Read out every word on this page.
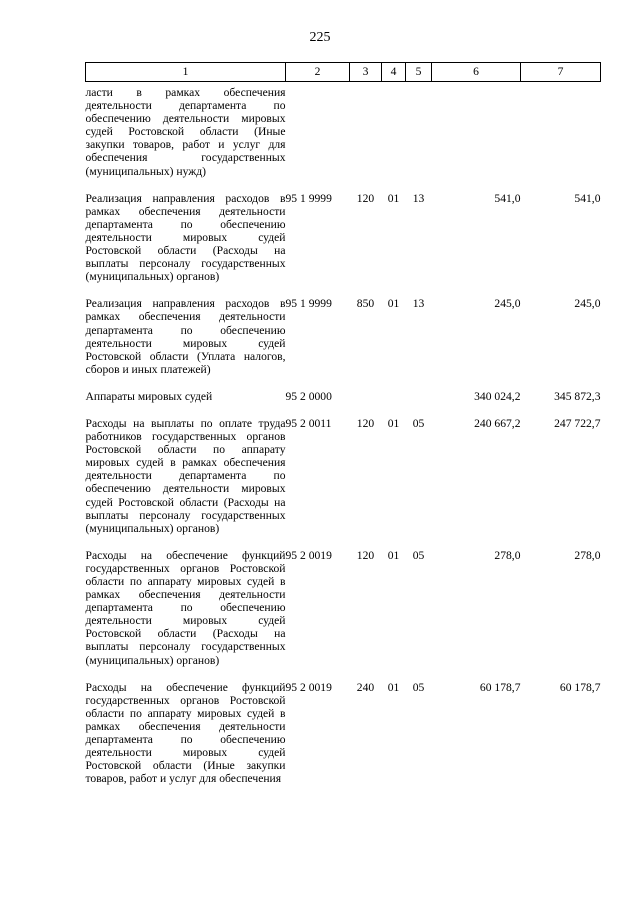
225
1	2	3	4	5	6	7
ласти в рамках обеспечения деятельности департамента по обеспечению деятельности мировых судей Ростовской области (Иные закупки товаров, работ и услуг для обеспечения государственных (муниципальных) нужд)						
Реализация направления расходов в рамках обеспечения деятельности департамента по обеспечению деятельности мировых судей Ростовской области (Расходы на выплаты персоналу государственных (муниципальных) органов)	95 1 9999	120	01	13	541,0	541,0
Реализация направления расходов в рамках обеспечения деятельности департамента по обеспечению деятельности мировых судей Ростовской области (Уплата налогов, сборов и иных платежей)	95 1 9999	850	01	13	245,0	245,0
Аппараты мировых судей	95 2 0000				340 024,2	345 872,3
Расходы на выплаты по оплате труда работников государственных органов Ростовской области по аппарату мировых судей в рамках обеспечения деятельности департамента по обеспечению деятельности мировых судей Ростовской области (Расходы на выплаты персоналу государственных (муниципальных) органов)	95 2 0011	120	01	05	240 667,2	247 722,7
Расходы на обеспечение функций государственных органов Ростовской области по аппарату мировых судей в рамках обеспечения деятельности департамента по обеспечению деятельности мировых судей Ростовской области (Расходы на выплаты персоналу государственных (муниципальных) органов)	95 2 0019	120	01	05	278,0	278,0
Расходы на обеспечение функций государственных органов Ростовской области по аппарату мировых судей в рамках обеспечения деятельности департамента по обеспечению деятельности мировых судей Ростовской области (Иные закупки товаров, работ и услуг для обеспечения	95 2 0019	240	01	05	60 178,7	60 178,7
